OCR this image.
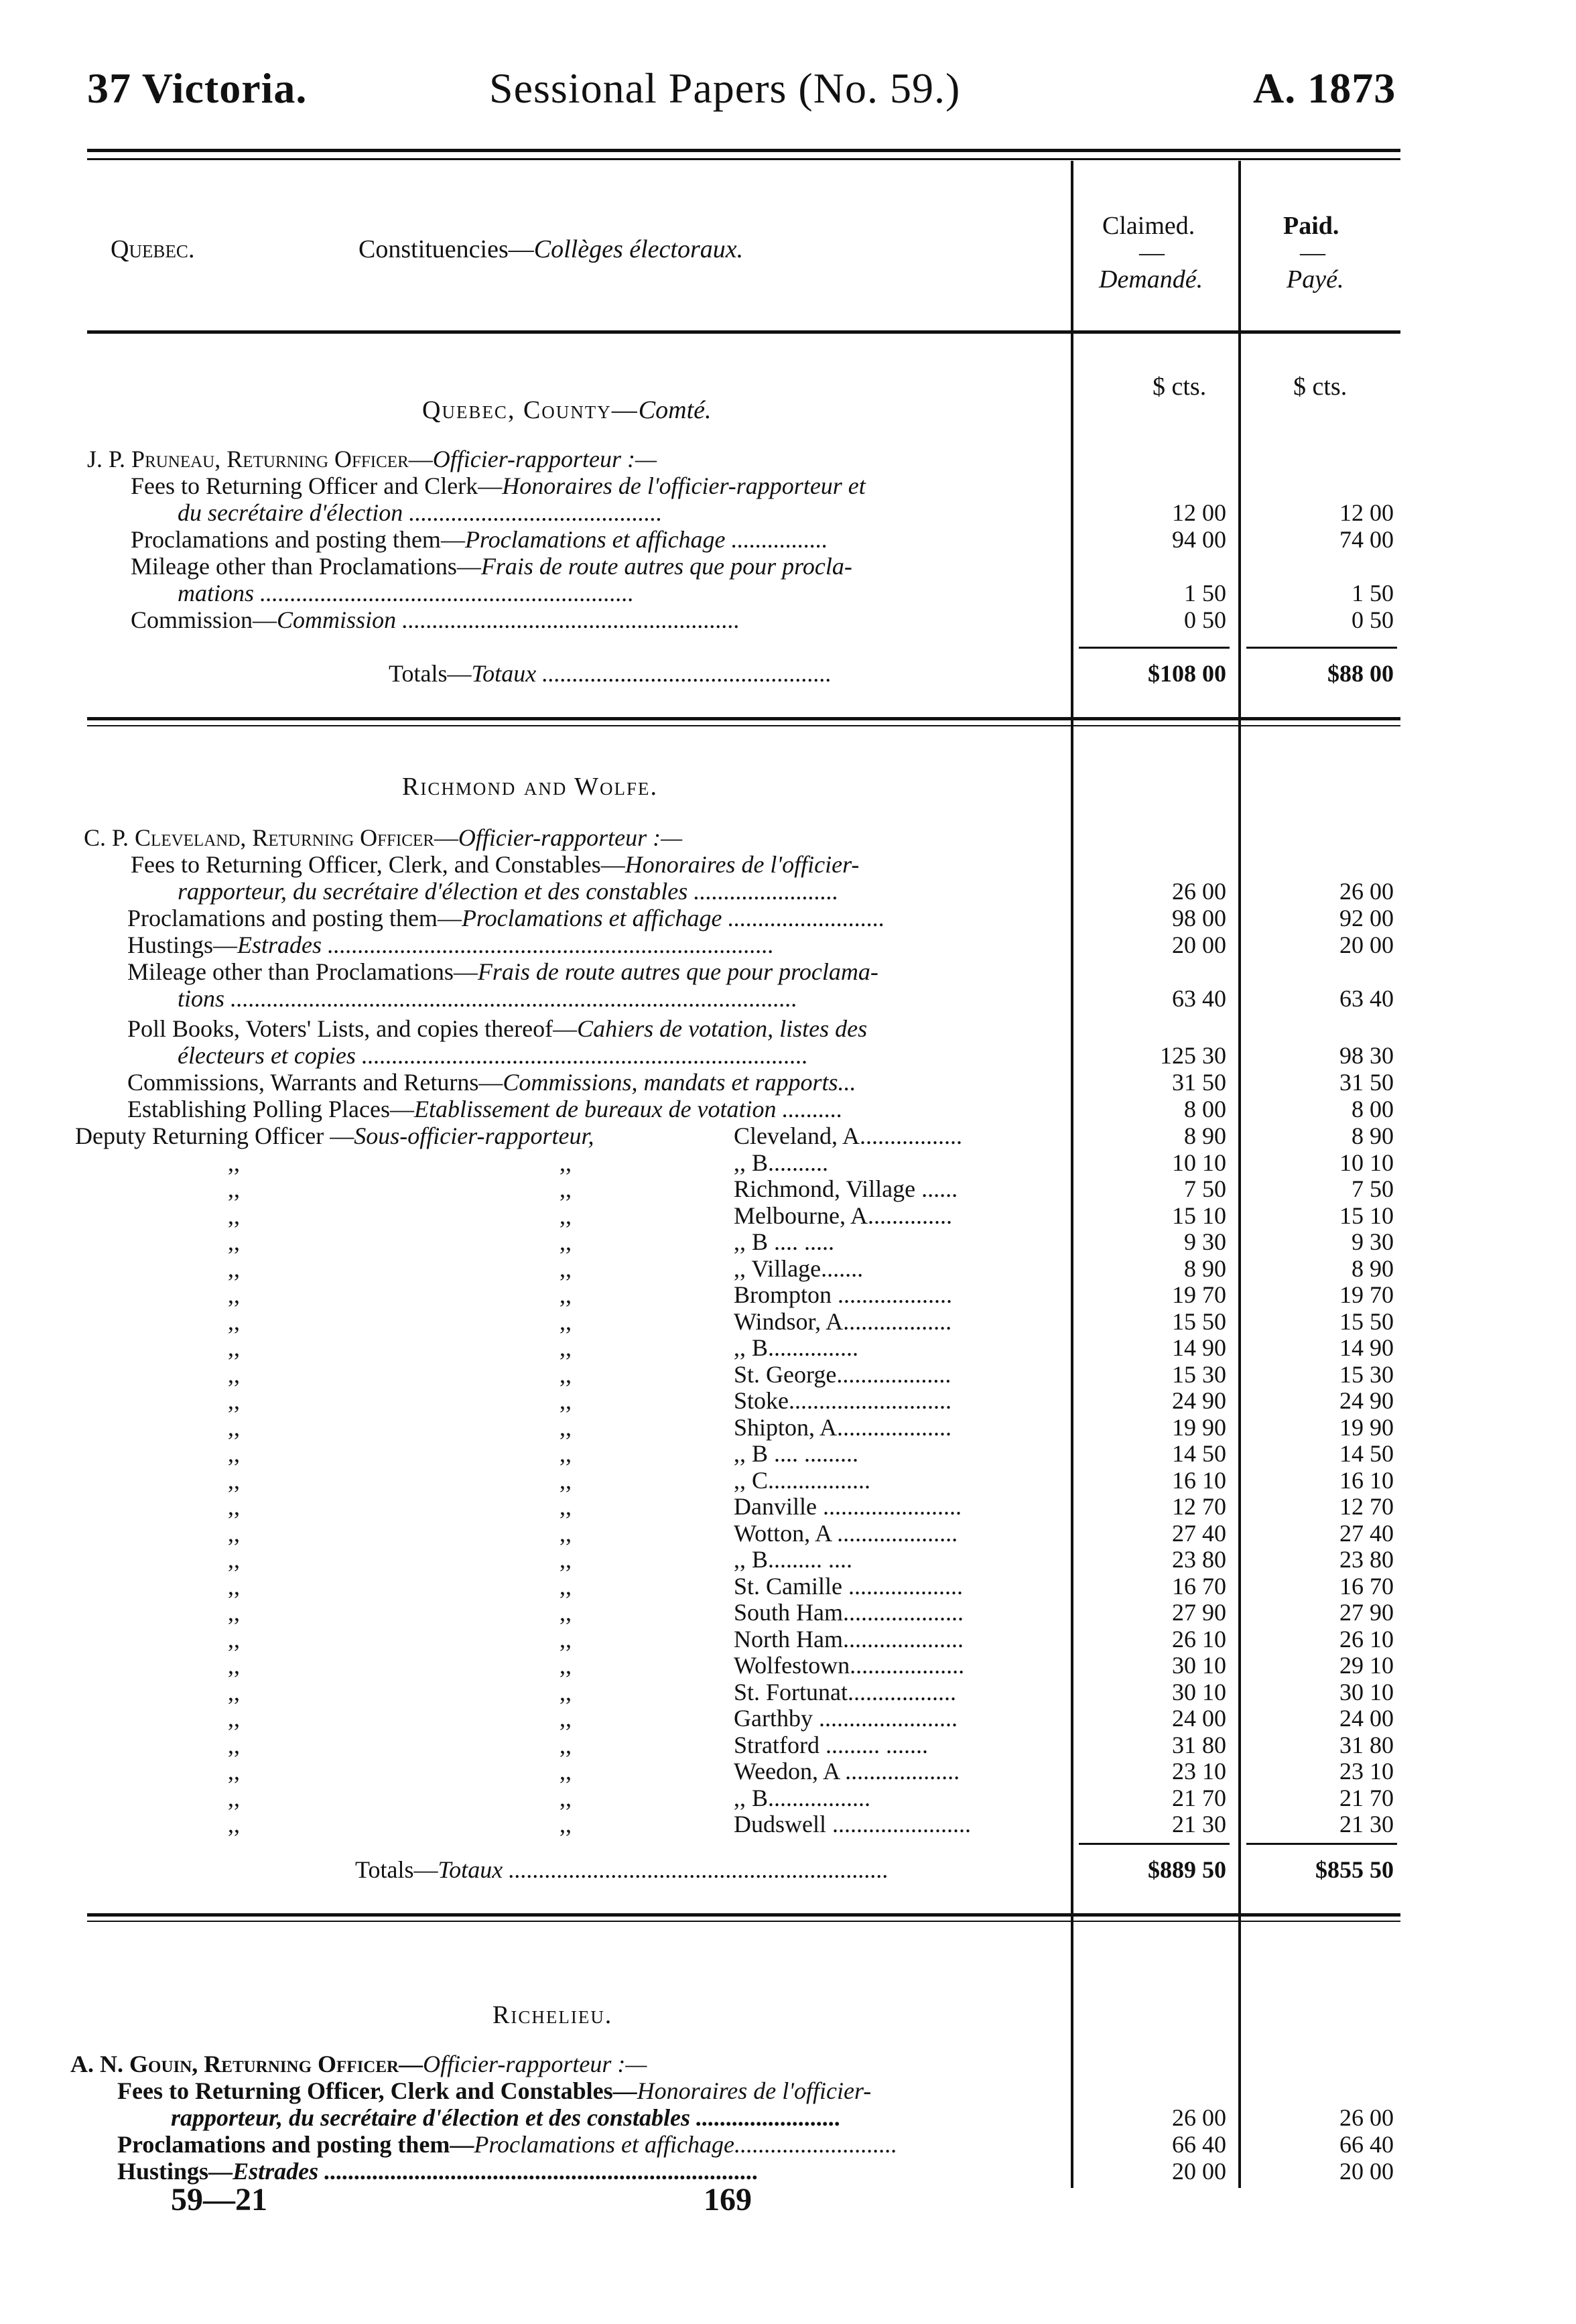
37 Victoria.	Sessional Papers (No. 59.)	A. 1873
Quebec.	Constituencies—Collèges électoraux.
Claimed.
—
Demandé.
Paid.
—
Payé.
$ cts.	$ cts.
Quebec, County—Comté.
J. P. Pruneau, Returning Officer—Officier-rapporteur :—
Fees to Returning Officer and Clerk—Honoraires de l'officier-rapporteur et
du secrétaire d'élection ..........................................	12 00	12 00
Proclamations and posting them—Proclamations et affichage ................	94 00	74 00
Mileage other than Proclamations—Frais de route autres que pour procla-
mations ..............................................................	1 50	1 50
Commission—Commission ........................................................	0 50	0 50
Totals—Totaux ................................................	$108 00	$88 00
Richmond and Wolfe.
C. P. Cleveland, Returning Officer—Officier-rapporteur :—
Fees to Returning Officer, Clerk, and Constables—Honoraires de l'officier-
rapporteur, du secrétaire d'élection et des constables ........................	26 00	26 00
Proclamations and posting them—Proclamations et affichage ..........................	98 00	92 00
Hustings—Estrades ..........................................................................	20 00	20 00
Mileage other than Proclamations—Frais de route autres que pour proclama-
tions ..............................................................................................	63 40	63 40
Poll Books, Voters' Lists, and copies thereof—Cahiers de votation, listes des
électeurs et copies ..........................................................................	125 30	98 30
Commissions, Warrants and Returns—Commissions, mandats et rapports...	31 50	31 50
Establishing Polling Places—Etablissement de bureaux de votation ..........	8 00	8 00
Deputy Returning Officer —Sous-officier-rapporteur,	Cleveland, A.................	8 90	8 90
,,	,,	,, B..........	10 10	10 10
,,	,,	Richmond, Village ......	7 50	7 50
,,	,,	Melbourne, A..............	15 10	15 10
,,	,,	,, B .... .....	9 30	9 30
,,	,,	,, Village.......	8 90	8 90
,,	,,	Brompton ...................	19 70	19 70
,,	,,	Windsor, A..................	15 50	15 50
,,	,,	,, B...............	14 90	14 90
,,	,,	St. George...................	15 30	15 30
,,	,,	Stoke...........................	24 90	24 90
,,	,,	Shipton, A...................	19 90	19 90
,,	,,	,, B .... .........	14 50	14 50
,,	,,	,, C.................	16 10	16 10
,,	,,	Danville .......................	12 70	12 70
,,	,,	Wotton, A ....................	27 40	27 40
,,	,,	,, B......... ....	23 80	23 80
,,	,,	St. Camille ...................	16 70	16 70
,,	,,	South Ham....................	27 90	27 90
,,	,,	North Ham....................	26 10	26 10
,,	,,	Wolfestown...................	30 10	29 10
,,	,,	St. Fortunat..................	30 10	30 10
,,	,,	Garthby .......................	24 00	24 00
,,	,,	Stratford ......... .......	31 80	31 80
,,	,,	Weedon, A ...................	23 10	23 10
,,	,,	,, B.................	21 70	21 70
,,	,,	Dudswell .......................	21 30	21 30
Totals—Totaux ...............................................................	$889 50	$855 50
Richelieu.
A. N. Gouin, Returning Officer—Officier-rapporteur :—
Fees to Returning Officer, Clerk and Constables—Honoraires de l'officier-
rapporteur, du secrétaire d'élection et des constables ........................	26 00	26 00
Proclamations and posting them—Proclamations et affichage...........................	66 40	66 40
Hustings—Estrades ........................................................................	20 00	20 00
59—21	169
